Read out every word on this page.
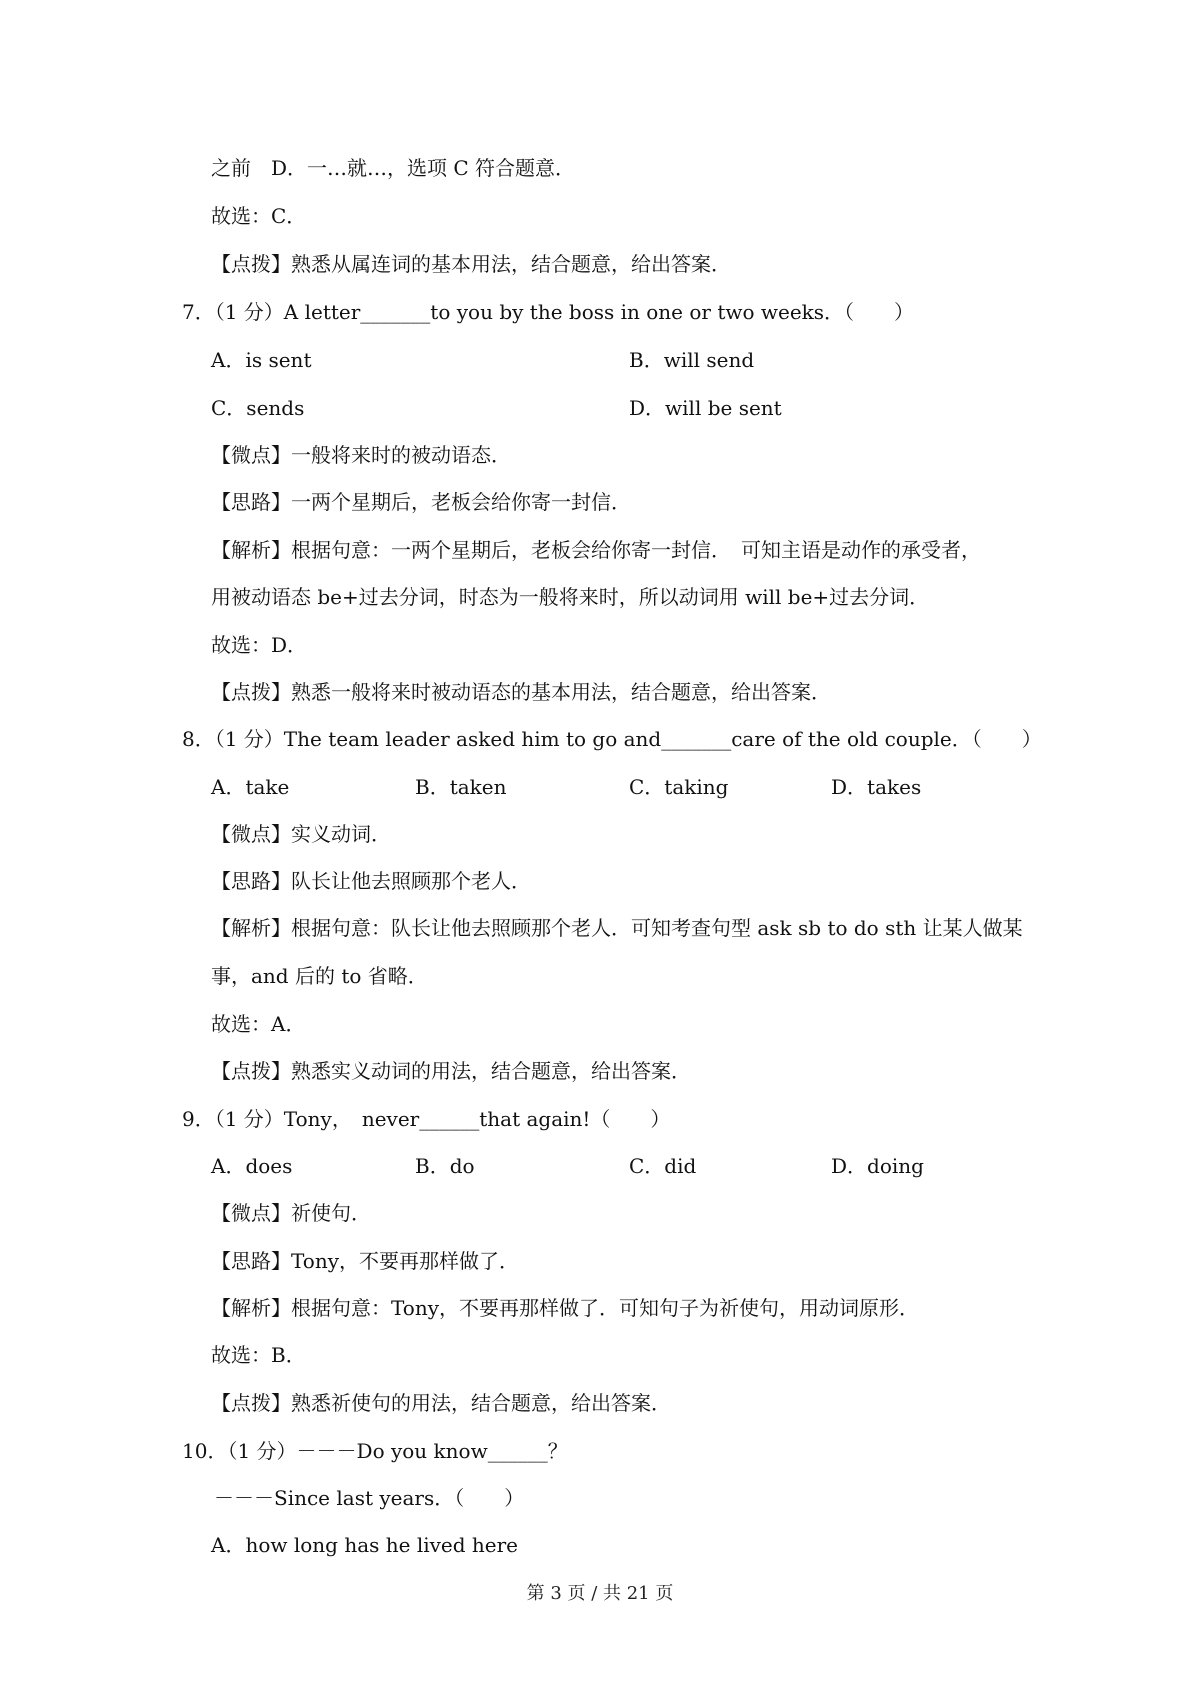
之前　D．一…就…，选项 C 符合题意．
故选：C．
【点拨】熟悉从属连词的基本用法，结合题意，给出答案．
7．（1 分）A letter_______to you by the boss in one or two weeks．（　　）
A．is sent	B．will send
C．sends	D．will be sent
【微点】一般将来时的被动语态．
【思路】一两个星期后，老板会给你寄一封信．
【解析】根据句意：一两个星期后，老板会给你寄一封信．　可知主语是动作的承受者，
用被动语态 be+过去分词，时态为一般将来时，所以动词用 will be+过去分词．
故选：D．
【点拨】熟悉一般将来时被动语态的基本用法，结合题意，给出答案．
8．（1 分）The team leader asked him to go and_______care of the old couple．（　　）
A．take	B．taken	C．taking	D．takes
【微点】实义动词．
【思路】队长让他去照顾那个老人．
【解析】根据句意：队长让他去照顾那个老人．可知考查句型 ask sb to do sth 让某人做某
事，and 后的 to 省略．
故选：A．
【点拨】熟悉实义动词的用法，结合题意，给出答案．
9．（1 分）Tony，　never______that again!（　　）
A．does	B．do	C．did	D．doing
【微点】祈使句．
【思路】Tony，不要再那样做了．
【解析】根据句意：Tony，不要再那样做了．可知句子为祈使句，用动词原形．
故选：B．
【点拨】熟悉祈使句的用法，结合题意，给出答案．
10．（1 分）－－－Do you know______？
－－－Since last years．（　　）
A．how long has he lived here
第 3 页 / 共 21 页
